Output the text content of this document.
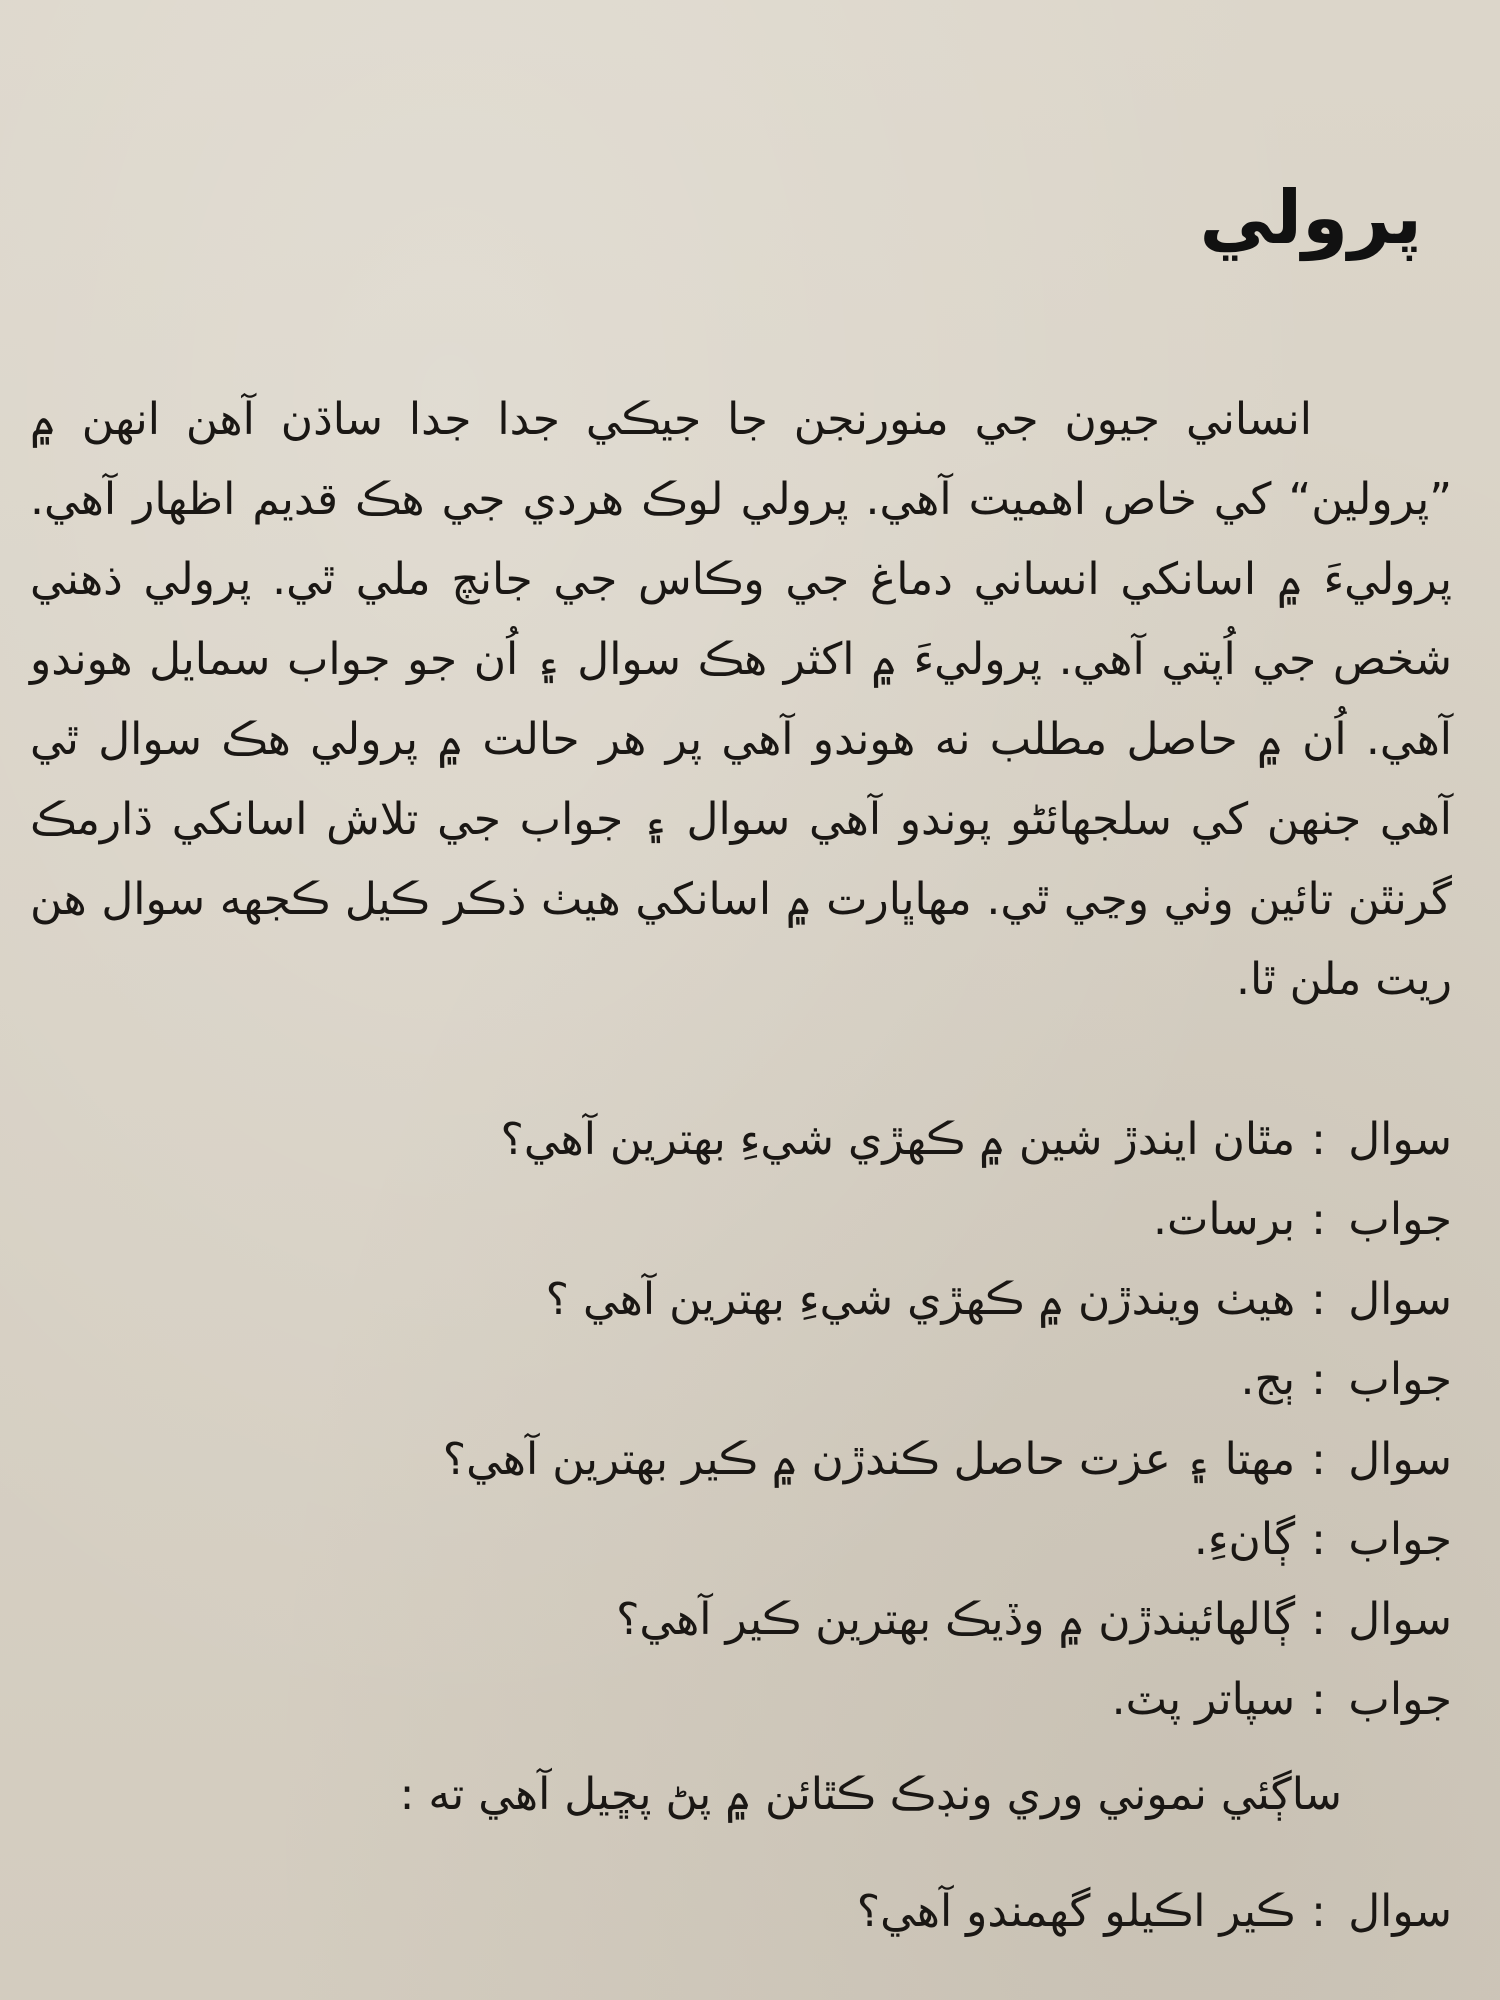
پرولي

انساني جيون جي منورنجن جا جيڪي جدا جدا ساڌن آهن انهن ۾ ”پرولين“ کي خاص اهميت آهي. پرولي لوڪ هردي جي هڪ قديم اظهار آهي. پروليءَ ۾ اسانکي انساني دماغ جي وڪاس جي جانچ ملي ٿي. پرولي ذهني شخص جي اُپتي آهي. پروليءَ ۾ اکثر هڪ سوال ۽ اُن جو جواب سمايل هوندو آهي. اُن ۾ حاصل مطلب نه هوندو آهي پر هر حالت ۾ پرولي هڪ سوال ٿي آهي جنهن کي سلجهائڻو پوندو آهي سوال ۽ جواب جي تلاش اسانکي ڌارمڪ گرنٿن تائين وٺي وڃي ٿي. مهاڀارت ۾ اسانکي هيٺ ذڪر ڪيل ڪجهه سوال هن ريت ملن ٿا.

سوال:مٿان ايندڙ شين ۾ ڪهڙي شيءِ بهترين آهي؟
جواب:برسات.
سوال:هيٺ ويندڙن ۾ ڪهڙي شيءِ بهترين آهي ؟
جواب:ٻج.
سوال:مهتا ۽ عزت حاصل ڪندڙن ۾ ڪير بهترين آهي؟
جواب:ڳانءِ.
سوال:ڳالهائيندڙن ۾ وڏيڪ بهترين ڪير آهي؟
جواب:سپاتر پٽ.

ساڳئي نموني وري ونڊڪ ڪٿائن ۾ پڻ پڇيل آهي ته :

سوال:ڪير اڪيلو گهمندو آهي؟
